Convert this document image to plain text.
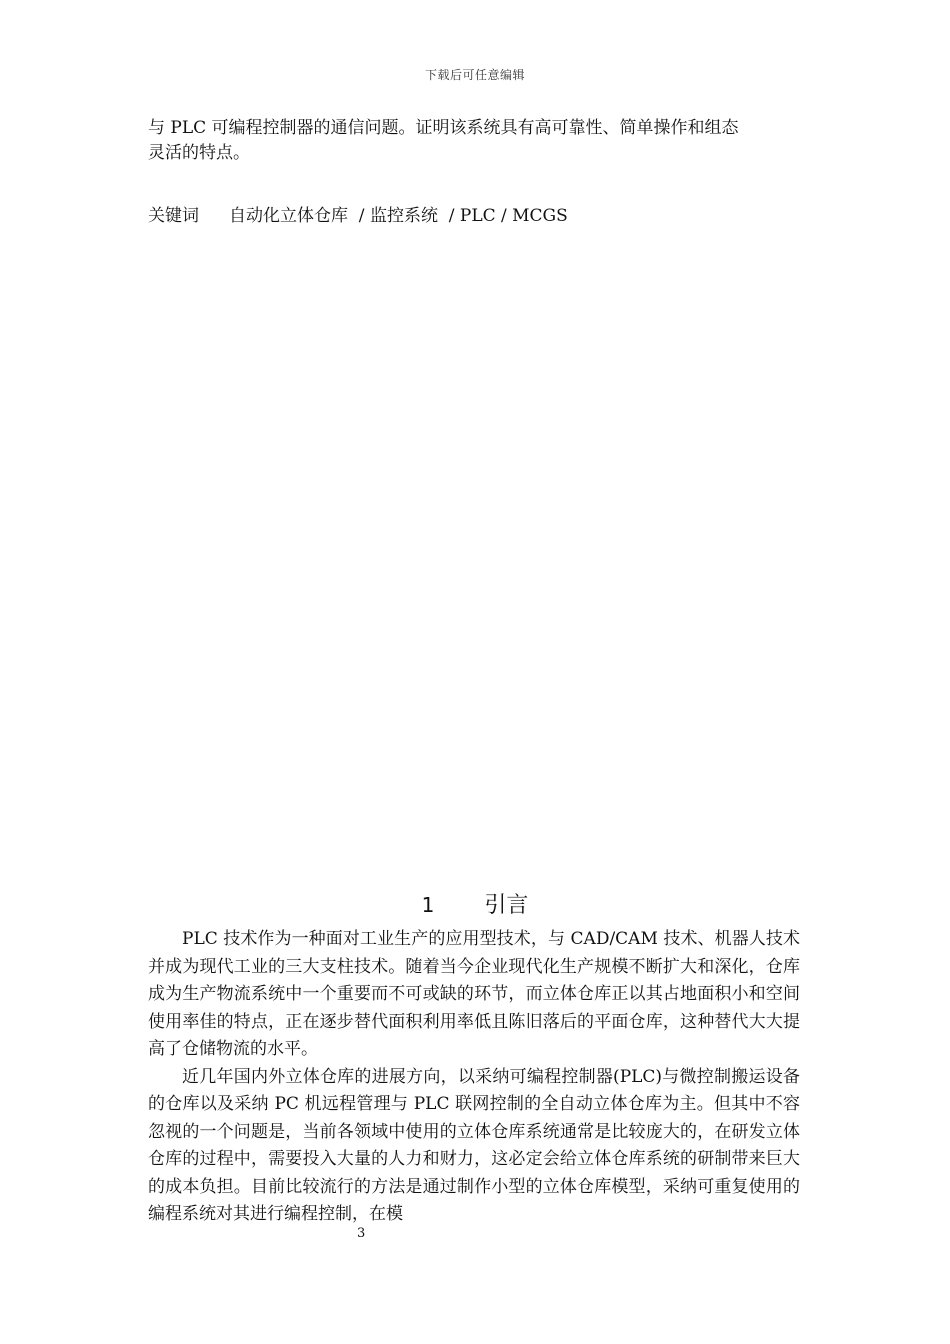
下载后可任意编辑
与 PLC 可编程控制器的通信问题。证明该系统具有高可靠性、简单操作和组态
灵活的特点。
关键词 自动化立体仓库  / 监控系统  / PLC / MCGS
1 引言

PLC 技术作为一种面对工业生产的应用型技术，与 CAD/CAM 技术、机器人技术并成为现代工业的三大支柱技术。随着当今企业现代化生产规模不断扩大和深化，仓库成为生产物流系统中一个重要而不可或缺的环节，而立体仓库正以其占地面积小和空间使用率佳的特点，正在逐步替代面积利用率低且陈旧落后的平面仓库，这种替代大大提高了仓储物流的水平。

近几年国内外立体仓库的进展方向，以采纳可编程控制器(PLC)与微控制搬运设备的仓库以及采纳 PC 机远程管理与 PLC 联网控制的全自动立体仓库为主。但其中不容忽视的一个问题是，当前各领域中使用的立体仓库系统通常是比较庞大的，在研发立体仓库的过程中，需要投入大量的人力和财力，这必定会给立体仓库系统的研制带来巨大的成本负担。目前比较流行的方法是通过制作小型的立体仓库模型，采纳可重复使用的编程系统对其进行编程控制，在模

3
